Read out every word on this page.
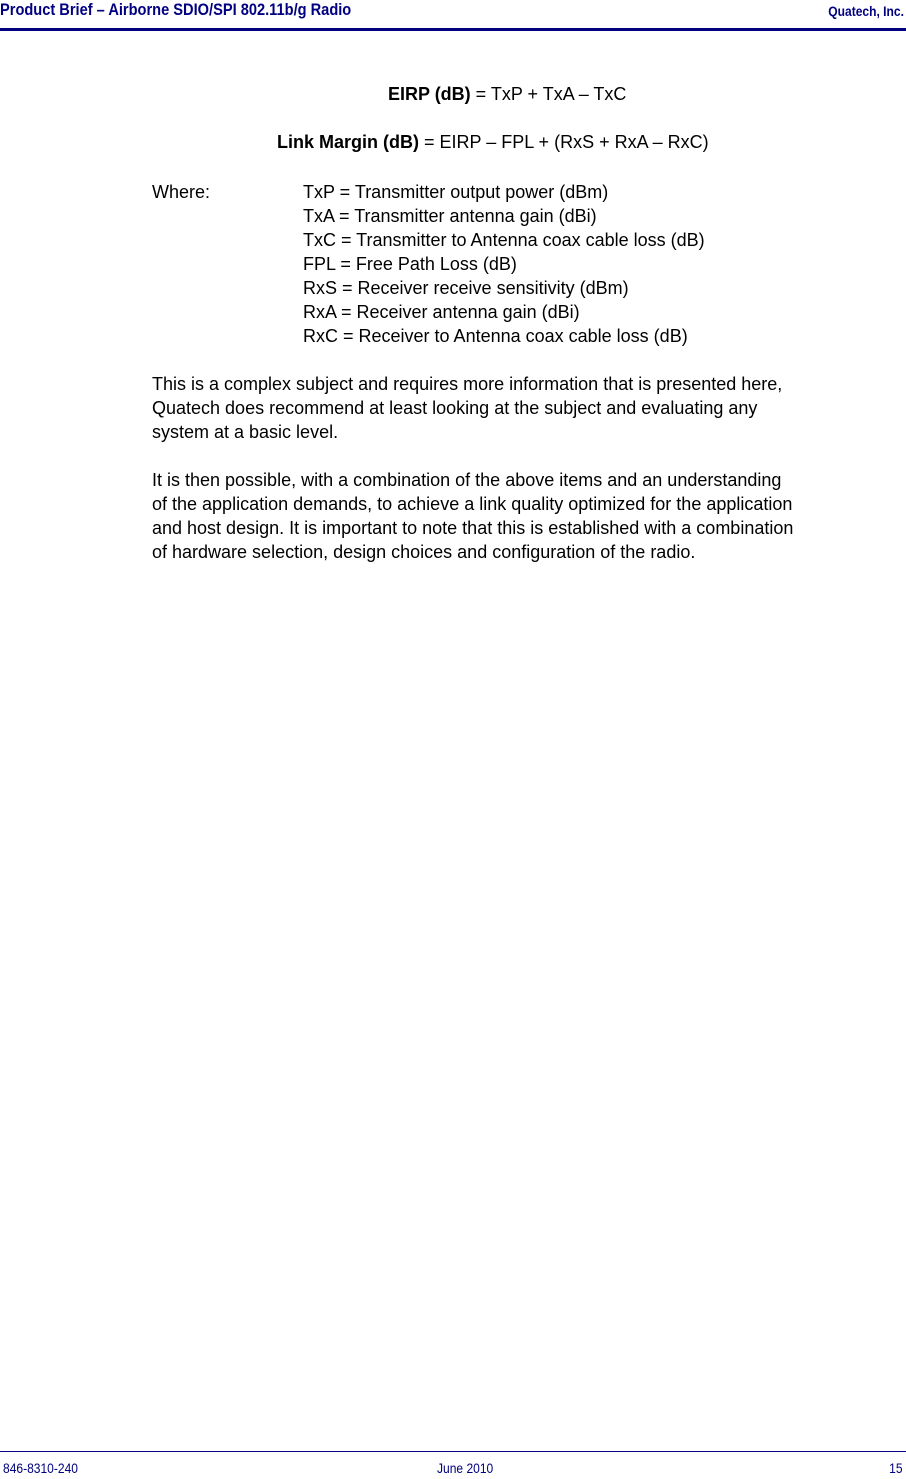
Product Brief – Airborne SDIO/SPI 802.11b/g Radio	Quatech, Inc.
EIRP (dB) = TxP + TxA – TxC
Link Margin (dB) = EIRP – FPL + (RxS + RxA – RxC)
Where:	TxP = Transmitter output power (dBm)
TxA = Transmitter antenna gain (dBi)
TxC = Transmitter to Antenna coax cable loss (dB)
FPL = Free Path Loss (dB)
RxS = Receiver receive sensitivity (dBm)
RxA = Receiver antenna gain (dBi)
RxC = Receiver to Antenna coax cable loss (dB)
This is a complex subject and requires more information that is presented here,
Quatech does recommend at least looking at the subject and evaluating any
system at a basic level.
It is then possible, with a combination of the above items and an understanding
of the application demands, to achieve a link quality optimized for the application
and host design. It is important to note that this is established with a combination
of hardware selection, design choices and configuration of the radio.
846-8310-240	June 2010	15
